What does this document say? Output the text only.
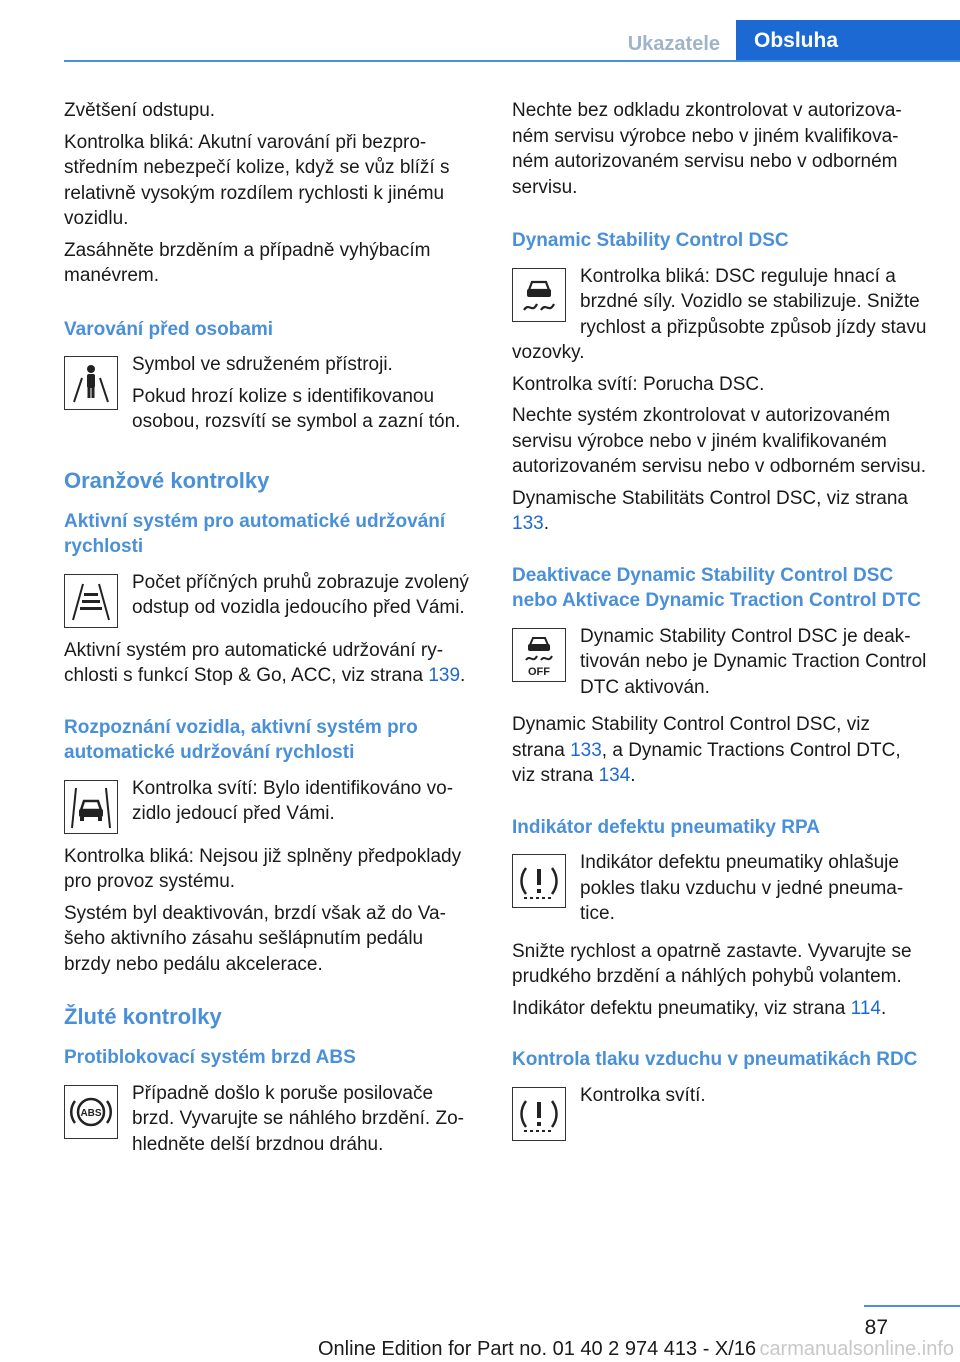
Ukazatele	Obsluha

Zvětšení odstupu.

Kontrolka bliká: Akutní varování při bezprostředním nebezpečí kolize, když se vůz blíží s relativně vysokým rozdílem rychlosti k jinému vozidlu.

Zasáhněte brzděním a případně vyhýbacím manévrem.

Varování před osobami

Symbol ve sdruženém přístroji.

Pokud hrozí kolize s identifikovanou osobou, rozsvítí se symbol a zazní tón.

Oranžové kontrolky
Aktivní systém pro automatické udržování rychlosti

Počet příčných pruhů zobrazuje zvolený odstup od vozidla jedoucího před Vámi.

Aktivní systém pro automatické udržování rychlosti s funkcí Stop & Go, ACC, viz strana 139.

Rozpoznání vozidla, aktivní systém pro automatické udržování rychlosti

Kontrolka svítí: Bylo identifikováno vozidlo jedoucí před Vámi.

Kontrolka bliká: Nejsou již splněny předpoklady pro provoz systému.

Systém byl deaktivován, brzdí však až do Vašeho aktivního zásahu sešlápnutím pedálu brzdy nebo pedálu akcelerace.

Žluté kontrolky
Protiblokovací systém brzd ABS
ABS

Případně došlo k poruše posilovače brzd. Vyvarujte se náhlého brzdění. Zohledněte delší brzdnou dráhu.

Nechte bez odkladu zkontrolovat v autorizovaném servisu výrobce nebo v jiném kvalifikovaném autorizovaném servisu nebo v odborném servisu.

Dynamic Stability Control DSC

Kontrolka bliká: DSC reguluje hnací a brzdné síly. Vozidlo se stabilizuje. Snižte rychlost a přizpůsobte způsob jízdy stavu vozovky.

Kontrolka svítí: Porucha DSC.

Nechte systém zkontrolovat v autorizovaném servisu výrobce nebo v jiném kvalifikovaném autorizovaném servisu nebo v odborném servisu.

Dynamische Stabilitäts Control DSC, viz strana 133.

Deaktivace Dynamic Stability Control DSC nebo Aktivace Dynamic Traction Control DTC
OFF

Dynamic Stability Control DSC je deaktivován nebo je Dynamic Traction Control DTC aktivován.

Dynamic Stability Control Control DSC, viz strana 133, a Dynamic Tractions Control DTC, viz strana 134.

Indikátor defektu pneumatiky RPA

Indikátor defektu pneumatiky ohlašuje pokles tlaku vzduchu v jedné pneumatice.

Snižte rychlost a opatrně zastavte. Vyvarujte se prudkého brzdění a náhlých pohybů volantem.

Indikátor defektu pneumatiky, viz strana 114.

Kontrola tlaku vzduchu v pneumatikách RDC

Kontrolka svítí.

87
Online Edition for Part no. 01 40 2 974 413 - X/16 carmanualsonline.info
